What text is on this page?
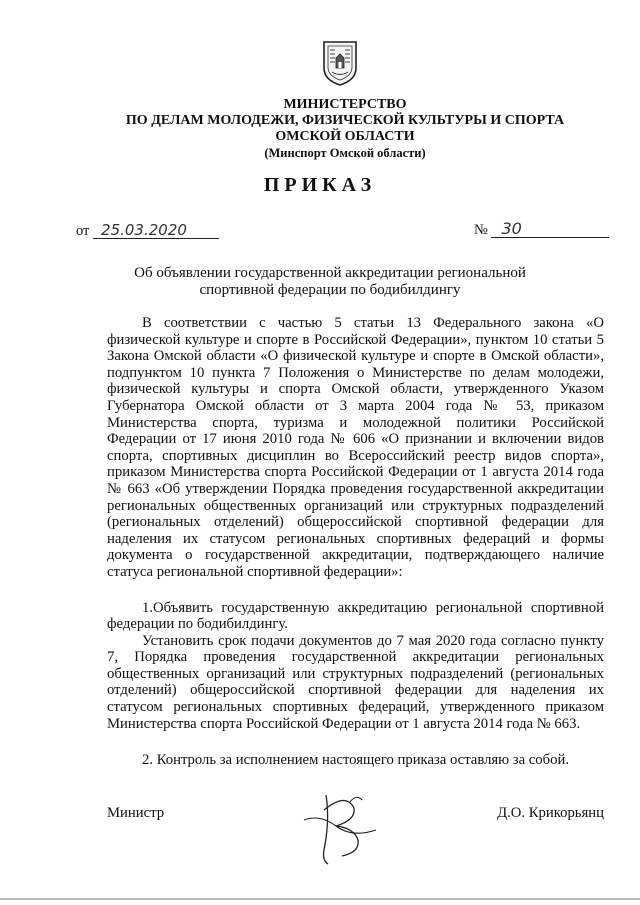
МИНИСТЕРСТВО
ПО ДЕЛАМ МОЛОДЕЖИ, ФИЗИЧЕСКОЙ КУЛЬТУРЫ И СПОРТА
ОМСКОЙ ОБЛАСТИ
(Минспорт Омской области)
ПРИКАЗ
от 25.03.2020	№ 30
Об объявлении государственной аккредитации региональной спортивной федерации по бодибилдингу

В соответствии с частью 5 статьи 13 Федерального закона «О физической культуре и спорте в Российской Федерации», пунктом 10 статьи 5 Закона Омской области «О физической культуре и спорте в Омской области», подпунктом 10 пункта 7 Положения о Министерстве по делам молодежи, физической культуры и спорта Омской области, утвержденного Указом Губернатора Омской области от 3 марта 2004 года № 53, приказом Министерства спорта, туризма и молодежной политики Российской Федерации от 17 июня 2010 года № 606 «О признании и включении видов спорта, спортивных дисциплин во Всероссийский реестр видов спорта», приказом Министерства спорта Российской Федерации от 1 августа 2014 года № 663 «Об утверждении Порядка проведения государственной аккредитации региональных общественных организаций или структурных подразделений (региональных отделений) общероссийской спортивной федерации для наделения их статусом региональных спортивных федераций и формы документа о государственной аккредитации, подтверждающего наличие статуса региональной спортивной федерации»:

1.Объявить государственную аккредитацию региональной спортивной федерации по бодибилдингу.

Установить срок подачи документов до 7 мая 2020 года согласно пункту 7, Порядка проведения государственной аккредитации региональных общественных организаций или структурных подразделений (региональных отделений) общероссийской спортивной федерации для наделения их статусом региональных спортивных федераций, утвержденного приказом Министерства спорта Российской Федерации от 1 августа 2014 года № 663.

2. Контроль за исполнением настоящего приказа оставляю за собой.

Министр	Д.О. Крикорьянц
